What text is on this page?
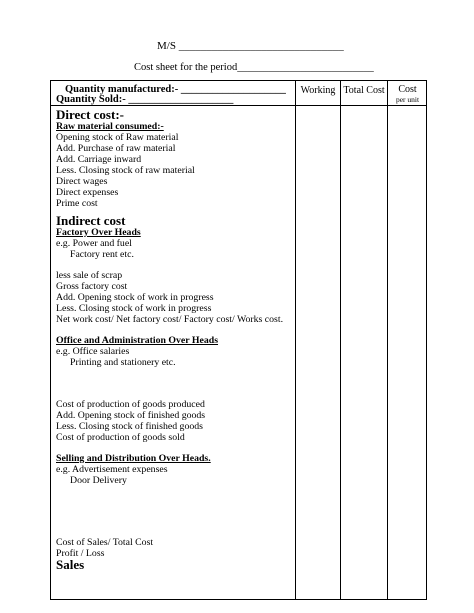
M/S ______________________________
Cost sheet for the period__________________________
Quantity manufactured:- ____________________
Quantity Sold:- ____________________
Working Total Cost	Cost
per unit
Direct cost:-
Raw material consumed:-
Opening stock of Raw material
Add. Purchase of raw material
Add. Carriage inward
Less. Closing stock of raw material
Direct wages
Direct expenses
Prime cost
Indirect cost
Factory Over Heads
e.g. Power and fuel
Factory rent etc.
less sale of scrap
Gross factory cost
Add. Opening stock of work in progress
Less. Closing stock of work in progress
Net work cost/ Net factory cost/ Factory cost/ Works cost.
Office and Administration Over Heads
e.g. Office salaries
Printing and stationery etc.
Cost of production of goods produced
Add. Opening stock of finished goods
Less. Closing stock of finished goods
Cost of production of goods sold
Selling and Distribution Over Heads.
e.g. Advertisement expenses
Door Delivery
Cost of Sales/ Total Cost
Profit / Loss
Sales
